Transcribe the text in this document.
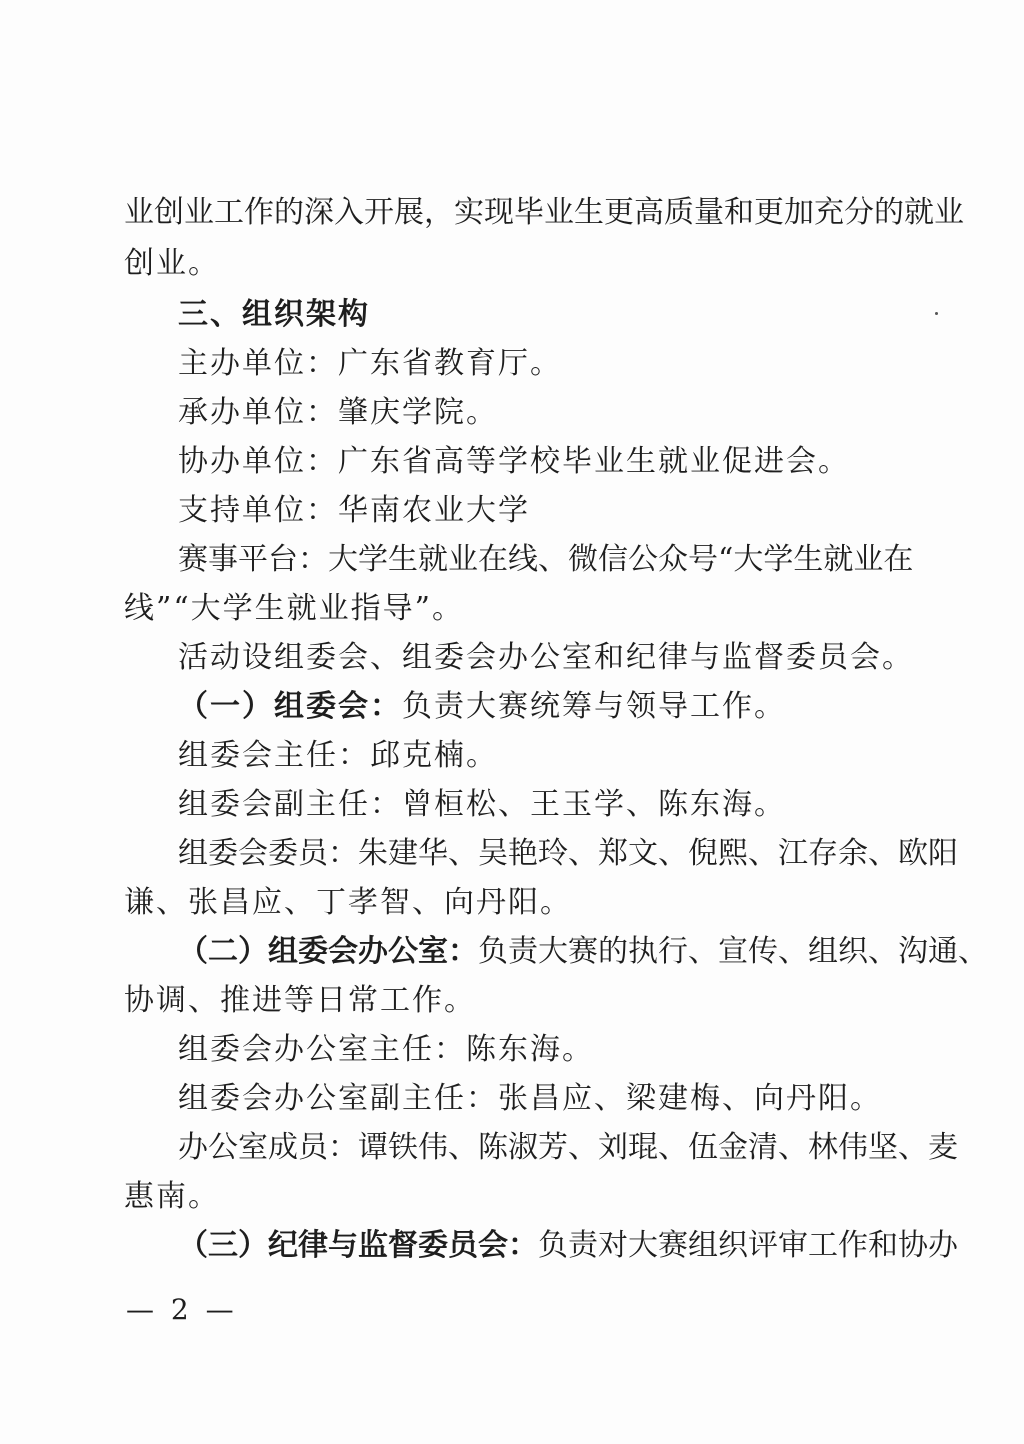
业创业工作的深入开展，实现毕业生更高质量和更加充分的就业
创业。
三、组织架构
主办单位：广东省教育厅。
承办单位：肇庆学院。
协办单位：广东省高等学校毕业生就业促进会。
支持单位：华南农业大学
赛事平台：大学生就业在线、微信公众号“大学生就业在
线”“大学生就业指导”。
活动设组委会、组委会办公室和纪律与监督委员会。
（一）组委会：负责大赛统筹与领导工作。
组委会主任：邱克楠。
组委会副主任：曾桓松、王玉学、陈东海。
组委会委员：朱建华、吴艳玲、郑文、倪熙、江存余、欧阳
谦、张昌应、丁孝智、向丹阳。
（二）组委会办公室： 负责大赛的执行、宣传、组织、沟通、
协调、推进等日常工作。
组委会办公室主任：陈东海。
组委会办公室副主任：张昌应、梁建梅、向丹阳。
办公室成员：谭铁伟、陈淑芳、刘琨、伍金清、林伟坚、麦
惠南。
（三）纪律与监督委员会： 负责对大赛组织评审工作和协办
— 2 —
